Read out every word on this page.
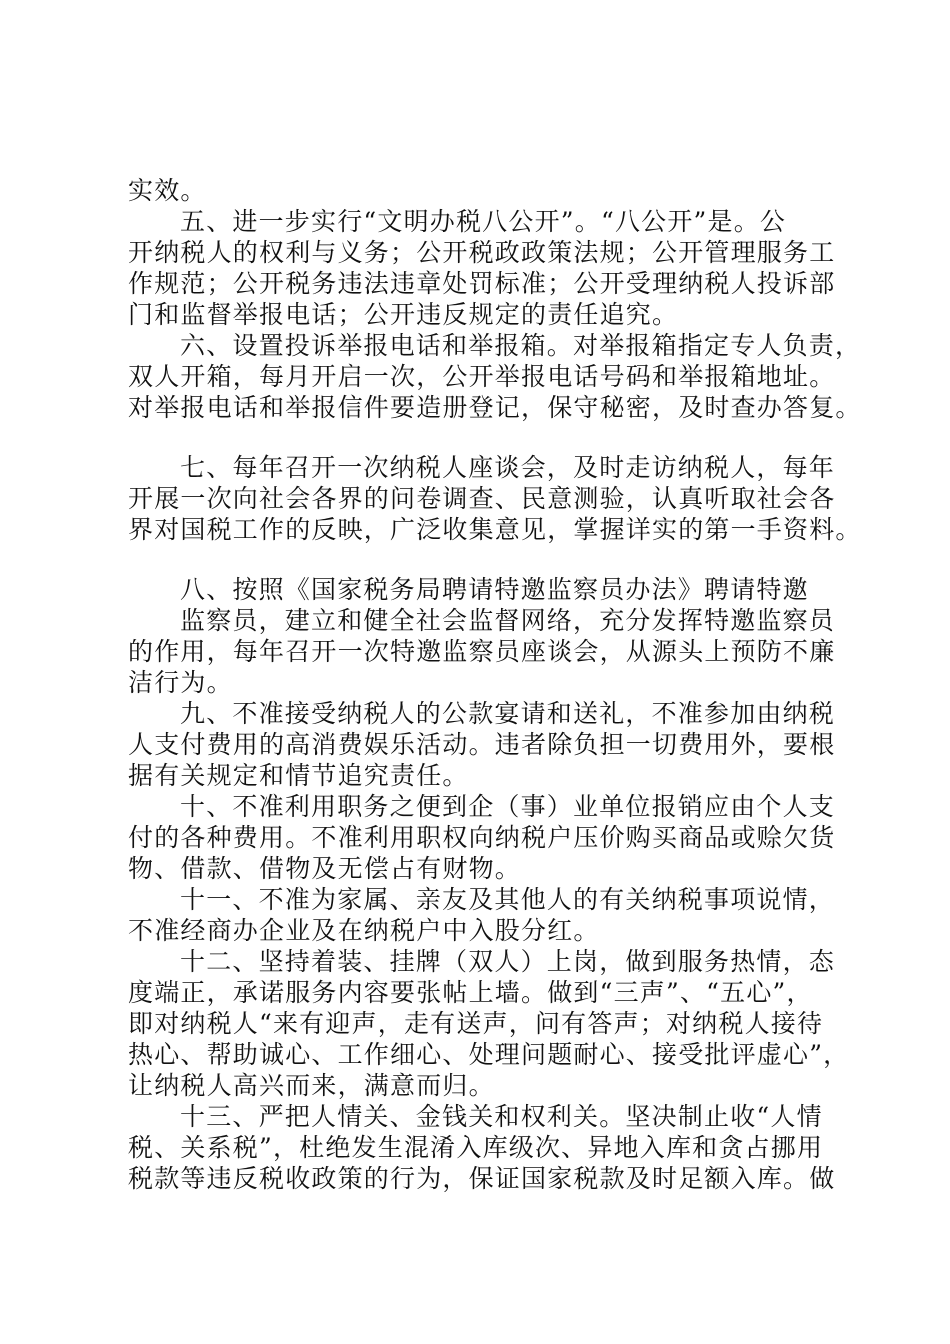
实效。
五、进一步实行“文明办税八公开”。“八公开”是。公
开纳税人的权利与义务；公开税政政策法规；公开管理服务工
作规范；公开税务违法违章处罚标准；公开受理纳税人投诉部
门和监督举报电话；公开违反规定的责任追究。
六、设置投诉举报电话和举报箱。对举报箱指定专人负责，
双人开箱，每月开启一次，公开举报电话号码和举报箱地址。
对举报电话和举报信件要造册登记，保守秘密，及时查办答复。
七、每年召开一次纳税人座谈会，及时走访纳税人，每年
开展一次向社会各界的问卷调查、民意测验，认真听取社会各
界对国税工作的反映，广泛收集意见，掌握详实的第一手资料。
八、按照《国家税务局聘请特邀监察员办法》聘请特邀
监察员，建立和健全社会监督网络，充分发挥特邀监察员
的作用，每年召开一次特邀监察员座谈会，从源头上预防不廉
洁行为。
九、不准接受纳税人的公款宴请和送礼，不准参加由纳税
人支付费用的高消费娱乐活动。违者除负担一切费用外，要根
据有关规定和情节追究责任。
十、不准利用职务之便到企（事）业单位报销应由个人支
付的各种费用。不准利用职权向纳税户压价购买商品或赊欠货
物、借款、借物及无偿占有财物。
十一、不准为家属、亲友及其他人的有关纳税事项说情，
不准经商办企业及在纳税户中入股分红。
十二、坚持着装、挂牌（双人）上岗，做到服务热情，态
度端正，承诺服务内容要张帖上墙。做到“三声”、“五心”，
即对纳税人“来有迎声，走有送声，问有答声；对纳税人接待
热心、帮助诚心、工作细心、处理问题耐心、接受批评虚心”，
让纳税人高兴而来，满意而归。
十三、严把人情关、金钱关和权利关。坚决制止收“人情
税、关系税”，杜绝发生混淆入库级次、异地入库和贪占挪用
税款等违反税收政策的行为，保证国家税款及时足额入库。做
